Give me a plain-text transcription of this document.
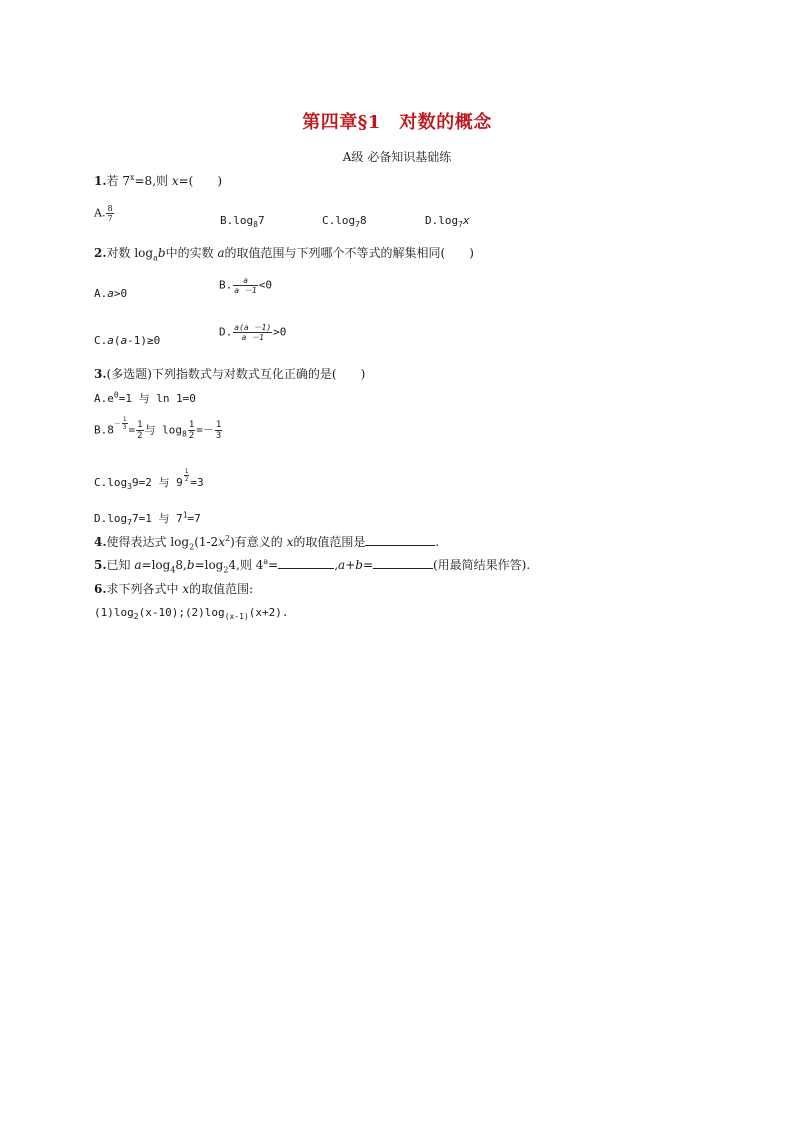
第四章§1　对数的概念
A级 必备知识基础练
1.若 $7^x=8$,则 x=(　　)
A. $\frac{8}{7}$	$B.\log_87$	$C.\log_78$	$D.\log_7x$
2.对数 $\log_ab$中的实数 a的取值范围与下列哪个不等式的解集相同(　　)
A.a>0
B. $\frac{a}{a -1} <0$
C.a(a-1)≥0
D. $\frac{a(a -1)}{a -1} >0$
3.(多选题)下列指数式与对数式互化正确的是(　　)
$A.e^0=1$ 与 ln 1=0
$B.8^{- \frac{1}{3}} = \frac{1}{2}$ 与 $\log_8 \frac{1}{2} =- \frac{1}{3}$
$C.\log_39=2$ 与 $9 \frac{1}{2} =3$
$D.\log_77=1$ 与 $7^1=7$
4.使得表达式 $\log_2(1-2x^2)$有意义的 x的取值范围是	.
5.已知 $a=\log_48,b=\log_24$,则 $4^a=$	,a+b=	(用最简结果作答).
6.求下列各式中 x的取值范围:
$(1)\log_2(x-10);(2)\log_{(x-1)}(x+2)$.
